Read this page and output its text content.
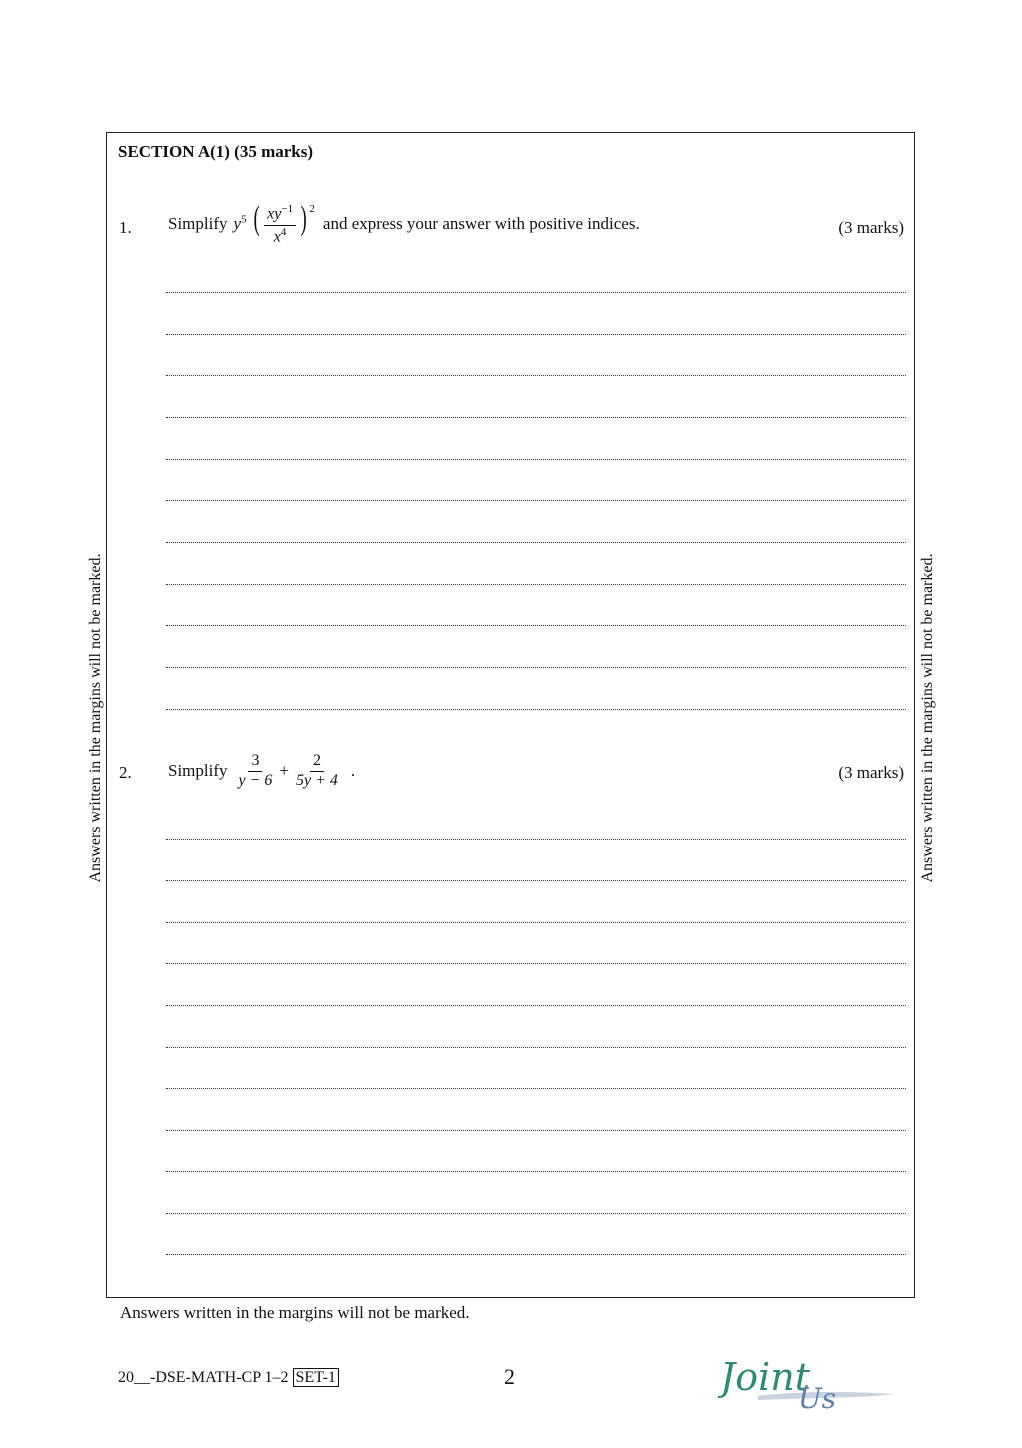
SECTION A(1) (35 marks)
1. Simplify $y^5$ ( $\frac{xy^{-1}}{x^4}$ ) $^2$
and express your answer with positive indices.	(3 marks)
2. Simplify $\frac{3}{y - 6} + \frac{2}{5y + 4}$ .	(3 marks)
Answers written in the margins will not be marked.	Answers written in the margins will not be marked.
Answers written in the margins will not be marked.
20__-DSE-MATH-CP 1–2 SET-1	2	Joint
Us
